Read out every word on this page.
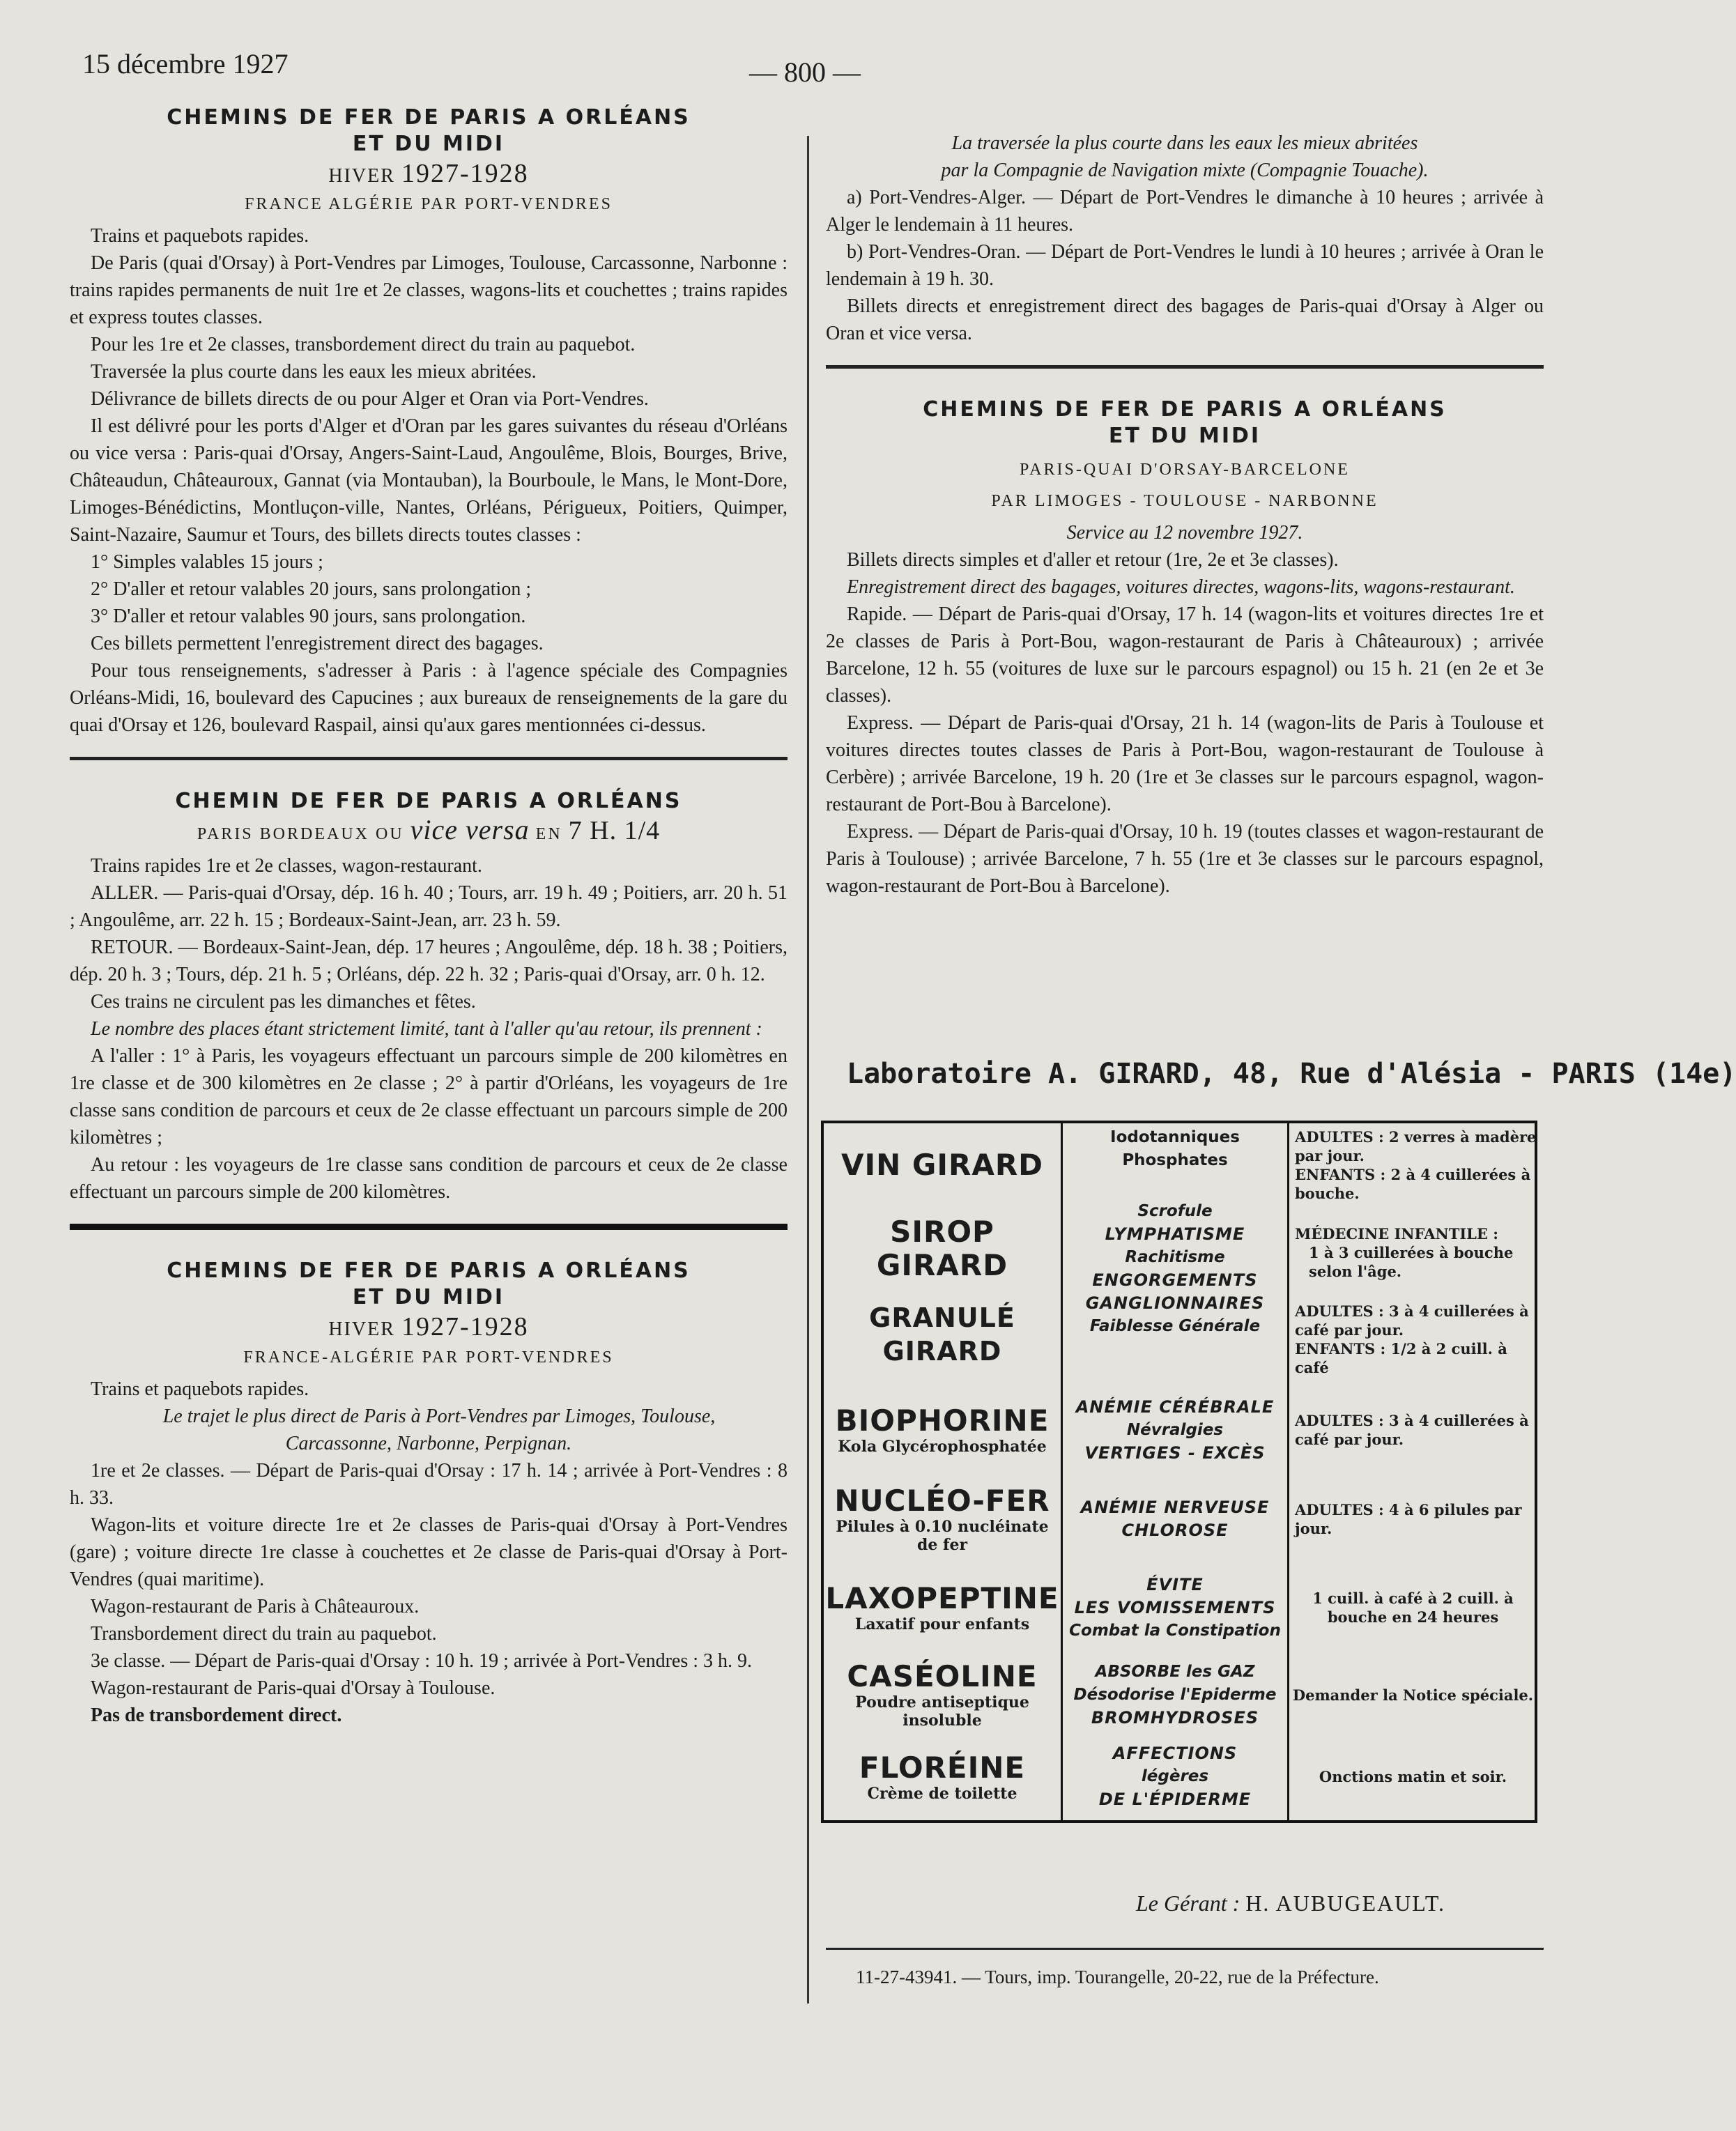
15 décembre 1927	— 800 —
CHEMINS DE FER DE PARIS A ORLÉANS
ET DU MIDI
HIVER 1927-1928
FRANCE ALGÉRIE PAR PORT-VENDRES

Trains et paquebots rapides.

De Paris (quai d'Orsay) à Port-Vendres par Limoges, Toulouse, Carcassonne, Narbonne : trains rapides permanents de nuit 1re et 2e classes, wagons-lits et couchettes ; trains rapides et express toutes classes.

Pour les 1re et 2e classes, transbordement direct du train au paquebot.

Traversée la plus courte dans les eaux les mieux abritées.

Délivrance de billets directs de ou pour Alger et Oran via Port-Vendres.

Il est délivré pour les ports d'Alger et d'Oran par les gares suivantes du réseau d'Orléans ou vice versa : Paris-quai d'Orsay, Angers-Saint-Laud, Angoulême, Blois, Bourges, Brive, Châteaudun, Châteauroux, Gannat (via Montauban), la Bourboule, le Mans, le Mont-Dore, Limoges-Bénédictins, Montluçon-ville, Nantes, Orléans, Périgueux, Poitiers, Quimper, Saint-Nazaire, Saumur et Tours, des billets directs toutes classes :

1° Simples valables 15 jours ;

2° D'aller et retour valables 20 jours, sans prolongation ;

3° D'aller et retour valables 90 jours, sans prolongation.

Ces billets permettent l'enregistrement direct des bagages.

Pour tous renseignements, s'adresser à Paris : à l'agence spéciale des Compagnies Orléans-Midi, 16, boulevard des Capucines ; aux bureaux de renseignements de la gare du quai d'Orsay et 126, boulevard Raspail, ainsi qu'aux gares mentionnées ci-dessus.

CHEMIN DE FER DE PARIS A ORLÉANS
PARIS BORDEAUX OU vice versa EN 7 H. 1/4

Trains rapides 1re et 2e classes, wagon-restaurant.

ALLER. — Paris-quai d'Orsay, dép. 16 h. 40 ; Tours, arr. 19 h. 49 ; Poitiers, arr. 20 h. 51 ; Angoulême, arr. 22 h. 15 ; Bordeaux-Saint-Jean, arr. 23 h. 59.

RETOUR. — Bordeaux-Saint-Jean, dép. 17 heures ; Angoulême, dép. 18 h. 38 ; Poitiers, dép. 20 h. 3 ; Tours, dép. 21 h. 5 ; Orléans, dép. 22 h. 32 ; Paris-quai d'Orsay, arr. 0 h. 12.

Ces trains ne circulent pas les dimanches et fêtes.

Le nombre des places étant strictement limité, tant à l'aller qu'au retour, ils prennent :

A l'aller : 1° à Paris, les voyageurs effectuant un parcours simple de 200 kilomètres en 1re classe et de 300 kilomètres en 2e classe ; 2° à partir d'Orléans, les voyageurs de 1re classe sans condition de parcours et ceux de 2e classe effectuant un parcours simple de 200 kilomètres ;

Au retour : les voyageurs de 1re classe sans condition de parcours et ceux de 2e classe effectuant un parcours simple de 200 kilomètres.

CHEMINS DE FER DE PARIS A ORLÉANS
ET DU MIDI
HIVER 1927-1928
FRANCE-ALGÉRIE PAR PORT-VENDRES

Trains et paquebots rapides.

Le trajet le plus direct de Paris à Port-Vendres par Limoges, Toulouse, Carcassonne, Narbonne, Perpignan.

1re et 2e classes. — Départ de Paris-quai d'Orsay : 17 h. 14 ; arrivée à Port-Vendres : 8 h. 33.

Wagon-lits et voiture directe 1re et 2e classes de Paris-quai d'Orsay à Port-Vendres (gare) ; voiture directe 1re classe à couchettes et 2e classe de Paris-quai d'Orsay à Port-Vendres (quai maritime).

Wagon-restaurant de Paris à Châteauroux.

Transbordement direct du train au paquebot.

3e classe. — Départ de Paris-quai d'Orsay : 10 h. 19 ; arrivée à Port-Vendres : 3 h. 9.

Wagon-restaurant de Paris-quai d'Orsay à Toulouse.

Pas de transbordement direct.

La traversée la plus courte dans les eaux les mieux abritées
par la Compagnie de Navigation mixte (Compagnie Touache).

a) Port-Vendres-Alger. — Départ de Port-Vendres le dimanche à 10 heures ; arrivée à Alger le lendemain à 11 heures.

b) Port-Vendres-Oran. — Départ de Port-Vendres le lundi à 10 heures ; arrivée à Oran le lendemain à 19 h. 30.

Billets directs et enregistrement direct des bagages de Paris-quai d'Orsay à Alger ou Oran et vice versa.

CHEMINS DE FER DE PARIS A ORLÉANS
ET DU MIDI
PARIS-QUAI D'ORSAY-BARCELONE
PAR LIMOGES - TOULOUSE - NARBONNE
Service au 12 novembre 1927.

Billets directs simples et d'aller et retour (1re, 2e et 3e classes).

Enregistrement direct des bagages, voitures directes, wagons-lits, wagons-restaurant.

Rapide. — Départ de Paris-quai d'Orsay, 17 h. 14 (wagon-lits et voitures directes 1re et 2e classes de Paris à Port-Bou, wagon-restaurant de Paris à Châteauroux) ; arrivée Barcelone, 12 h. 55 (voitures de luxe sur le parcours espagnol) ou 15 h. 21 (en 2e et 3e classes).

Express. — Départ de Paris-quai d'Orsay, 21 h. 14 (wagon-lits de Paris à Toulouse et voitures directes toutes classes de Paris à Port-Bou, wagon-restaurant de Toulouse à Cerbère) ; arrivée Barcelone, 19 h. 20 (1re et 3e classes sur le parcours espagnol, wagon-restaurant de Port-Bou à Barcelone).

Express. — Départ de Paris-quai d'Orsay, 10 h. 19 (toutes classes et wagon-restaurant de Paris à Toulouse) ; arrivée Barcelone, 7 h. 55 (1re et 3e classes sur le parcours espagnol, wagon-restaurant de Port-Bou à Barcelone).

Laboratoire A. GIRARD, 48, Rue d'Alésia - PARIS (14e)
VIN GIRARD
SIROP GIRARD
GRANULÉ GIRARD
BIOPHORINE
Kola Glycérophosphatée
NUCLÉO-FER
Pilules à 0.10 nucléinate de fer
LAXOPEPTINE
Laxatif pour enfants
CASÉOLINE
Poudre antiseptique insoluble
FLORÉINE
Crème de toilette
Iodotanniques
Phosphates
Scrofule
LYMPHATISME
Rachitisme
ENGORGEMENTS
GANGLIONNAIRES
Faiblesse Générale
ANÉMIE CÉRÉBRALE
Névralgies
VERTIGES - EXCÈS
ANÉMIE NERVEUSE
CHLOROSE
ÉVITE
LES VOMISSEMENTS
Combat la Constipation
ABSORBE les GAZ
Désodorise l'Epiderme
BROMHYDROSES
AFFECTIONS
légères
DE L'ÉPIDERME
ADULTES : 2 verres à madère par jour.
ENFANTS : 2 à 4 cuillerées à bouche.
MÉDECINE INFANTILE :
1 à 3 cuillerées à bouche selon l'âge.
ADULTES : 3 à 4 cuillerées à café par jour.
ENFANTS : 1/2 à 2 cuill. à café
ADULTES : 3 à 4 cuillerées à café par jour.
ADULTES : 4 à 6 pilules par jour.
1 cuill. à café à 2 cuill. à bouche en 24 heures
Demander la Notice spéciale.
Onctions matin et soir.
Le Gérant : H. AUBUGEAULT.
11-27-43941. — Tours, imp. Tourangelle, 20-22, rue de la Préfecture.
